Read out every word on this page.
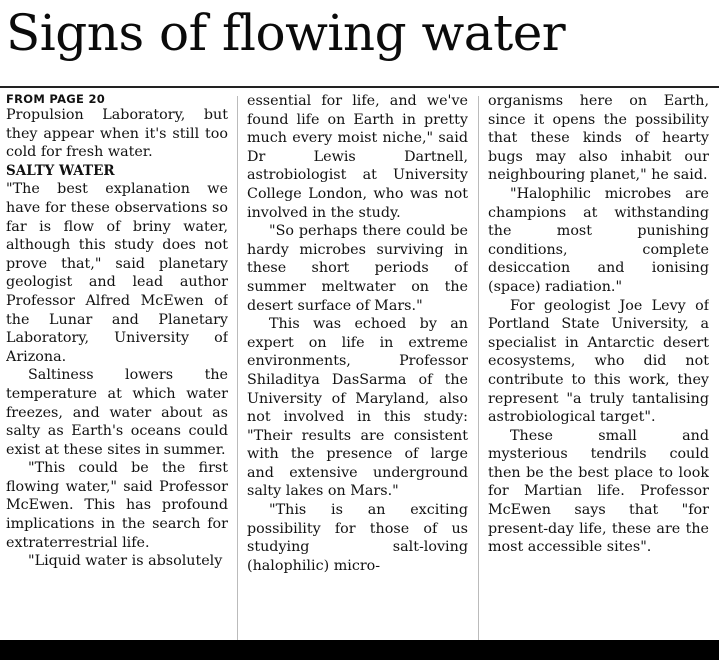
Signs of flowing water
FROM PAGE 20

Propulsion Laboratory, but they appear when it's still too cold for fresh water.

SALTY WATER

"The best explanation we have for these observations so far is flow of briny water, although this study does not prove that," said planetary geologist and lead author Professor Alfred McEwen of the Lunar and Planetary Laboratory, University of Arizona.

Saltiness lowers the temperature at which water freezes, and water about as salty as Earth's oceans could exist at these sites in summer.

"This could be the first flowing water," said Professor McEwen. This has profound implications in the search for extraterrestrial life.

"Liquid water is absolutely

essential for life, and we've found life on Earth in pretty much every moist niche," said Dr Lewis Dartnell, astrobiologist at University College London, who was not involved in the study.

"So perhaps there could be hardy microbes surviving in these short periods of summer meltwater on the desert surface of Mars."

This was echoed by an expert on life in extreme environments, Professor Shiladitya DasSarma of the University of Maryland, also not involved in this study: "Their results are consistent with the presence of large and extensive underground salty lakes on Mars."

"This is an exciting possibility for those of us studying salt-loving (halophilic) micro-

organisms here on Earth, since it opens the possibility that these kinds of hearty bugs may also inhabit our neighbouring planet," he said.

"Halophilic microbes are champions at withstanding the most punishing conditions, complete desiccation and ionising (space) radiation."

For geologist Joe Levy of Portland State University, a specialist in Antarctic desert ecosystems, who did not contribute to this work, they represent "a truly tantalising astrobiological target".

These small and mysterious tendrils could then be the best place to look for Martian life. Professor McEwen says that "for present-day life, these are the most accessible sites".
